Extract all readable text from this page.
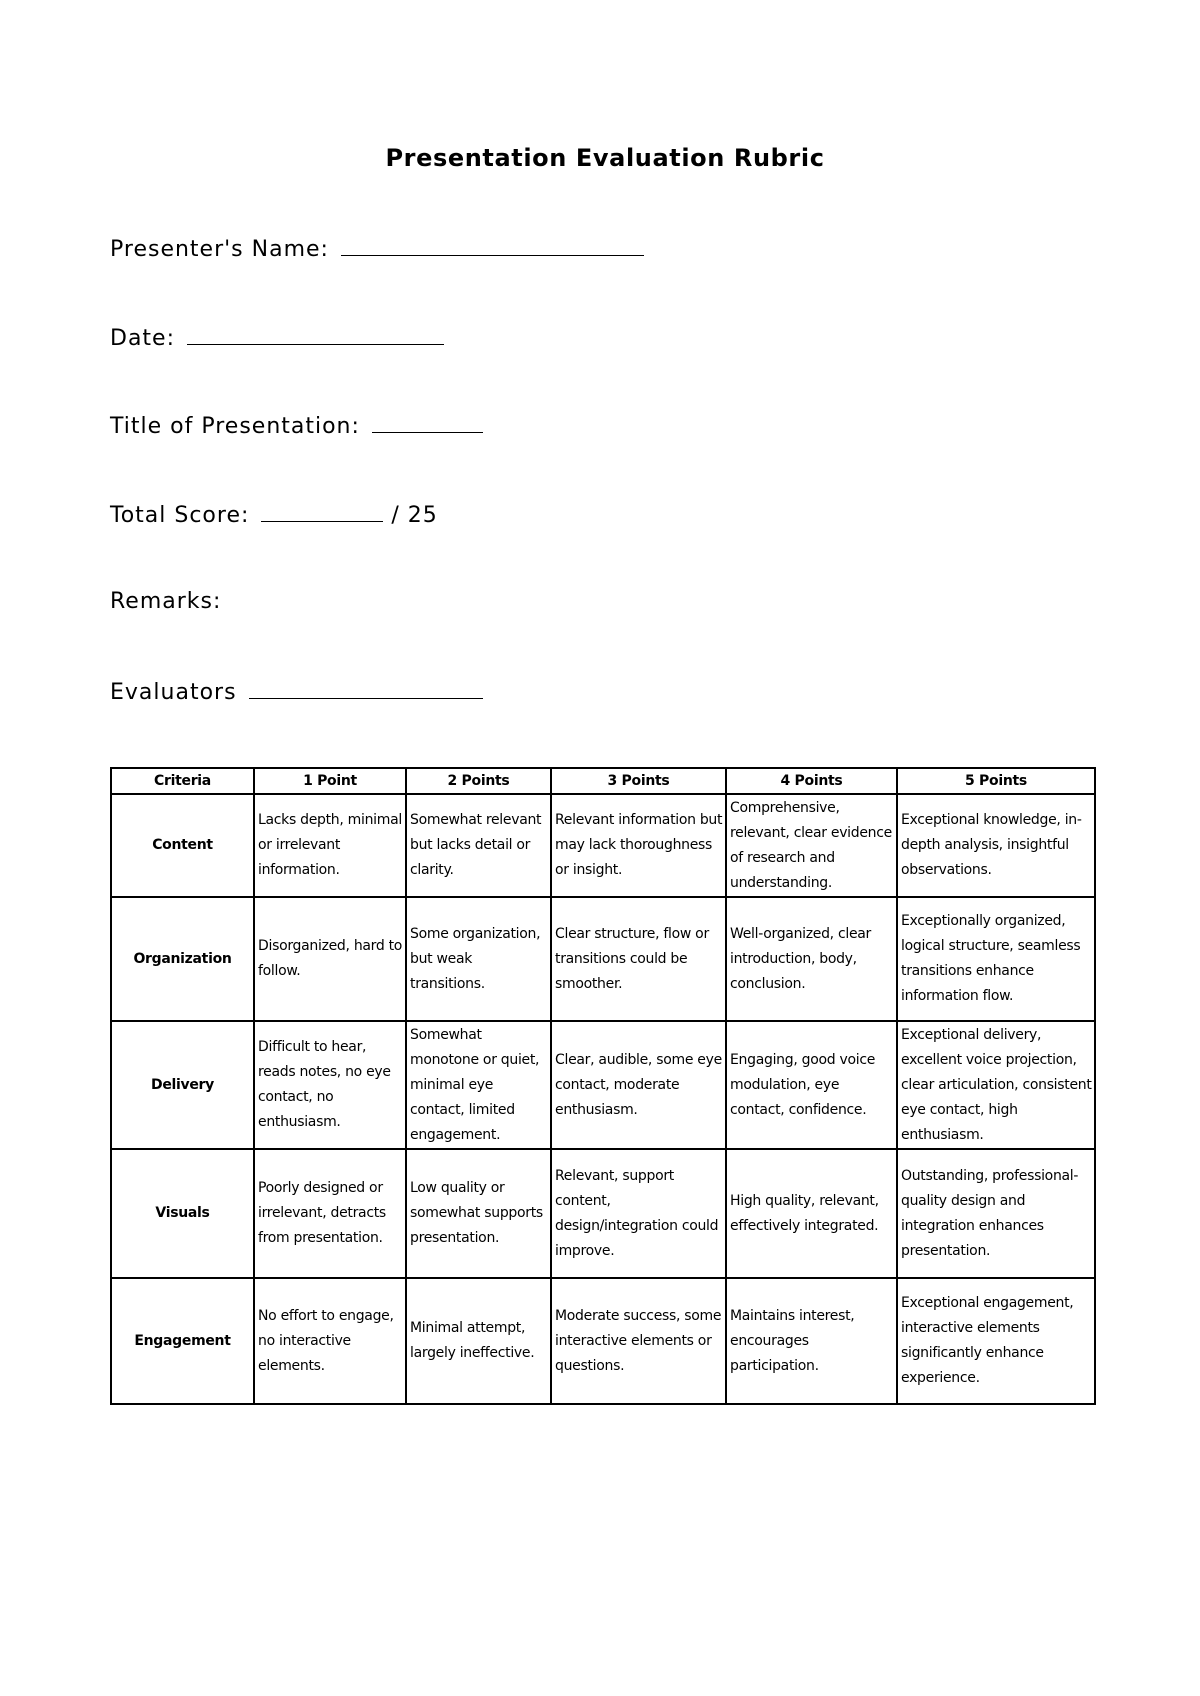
Presentation Evaluation Rubric
Presenter's Name:
Date:
Title of Presentation:
Total Score:	/ 25
Remarks:
Evaluators
Criteria	1 Point	2 Points	3 Points	4 Points	5 Points
Content	Lacks depth, minimal or irrelevant information.	Somewhat relevant but lacks detail or clarity.	Relevant information but may lack thoroughness or insight.	Comprehensive, relevant, clear evidence of research and understanding.	Exceptional knowledge, in-depth analysis, insightful observations.
Organization	Disorganized, hard to follow.	Some organization, but weak transitions.	Clear structure, flow or transitions could be smoother.	Well-organized, clear introduction, body, conclusion.	Exceptionally organized, logical structure, seamless transitions enhance information flow.
Delivery	Difficult to hear, reads notes, no eye contact, no enthusiasm.	Somewhat monotone or quiet, minimal eye contact, limited engagement.	Clear, audible, some eye contact, moderate enthusiasm.	Engaging, good voice modulation, eye contact, confidence.	Exceptional delivery, excellent voice projection, clear articulation, consistent eye contact, high enthusiasm.
Visuals	Poorly designed or irrelevant, detracts from presentation.	Low quality or somewhat supports presentation.	Relevant, support content, design/integration could improve.	High quality, relevant, effectively integrated.	Outstanding, professional-quality design and integration enhances presentation.
Engagement	No effort to engage, no interactive elements.	Minimal attempt, largely ineffective.	Moderate success, some interactive elements or questions.	Maintains interest, encourages participation.	Exceptional engagement, interactive elements significantly enhance experience.
